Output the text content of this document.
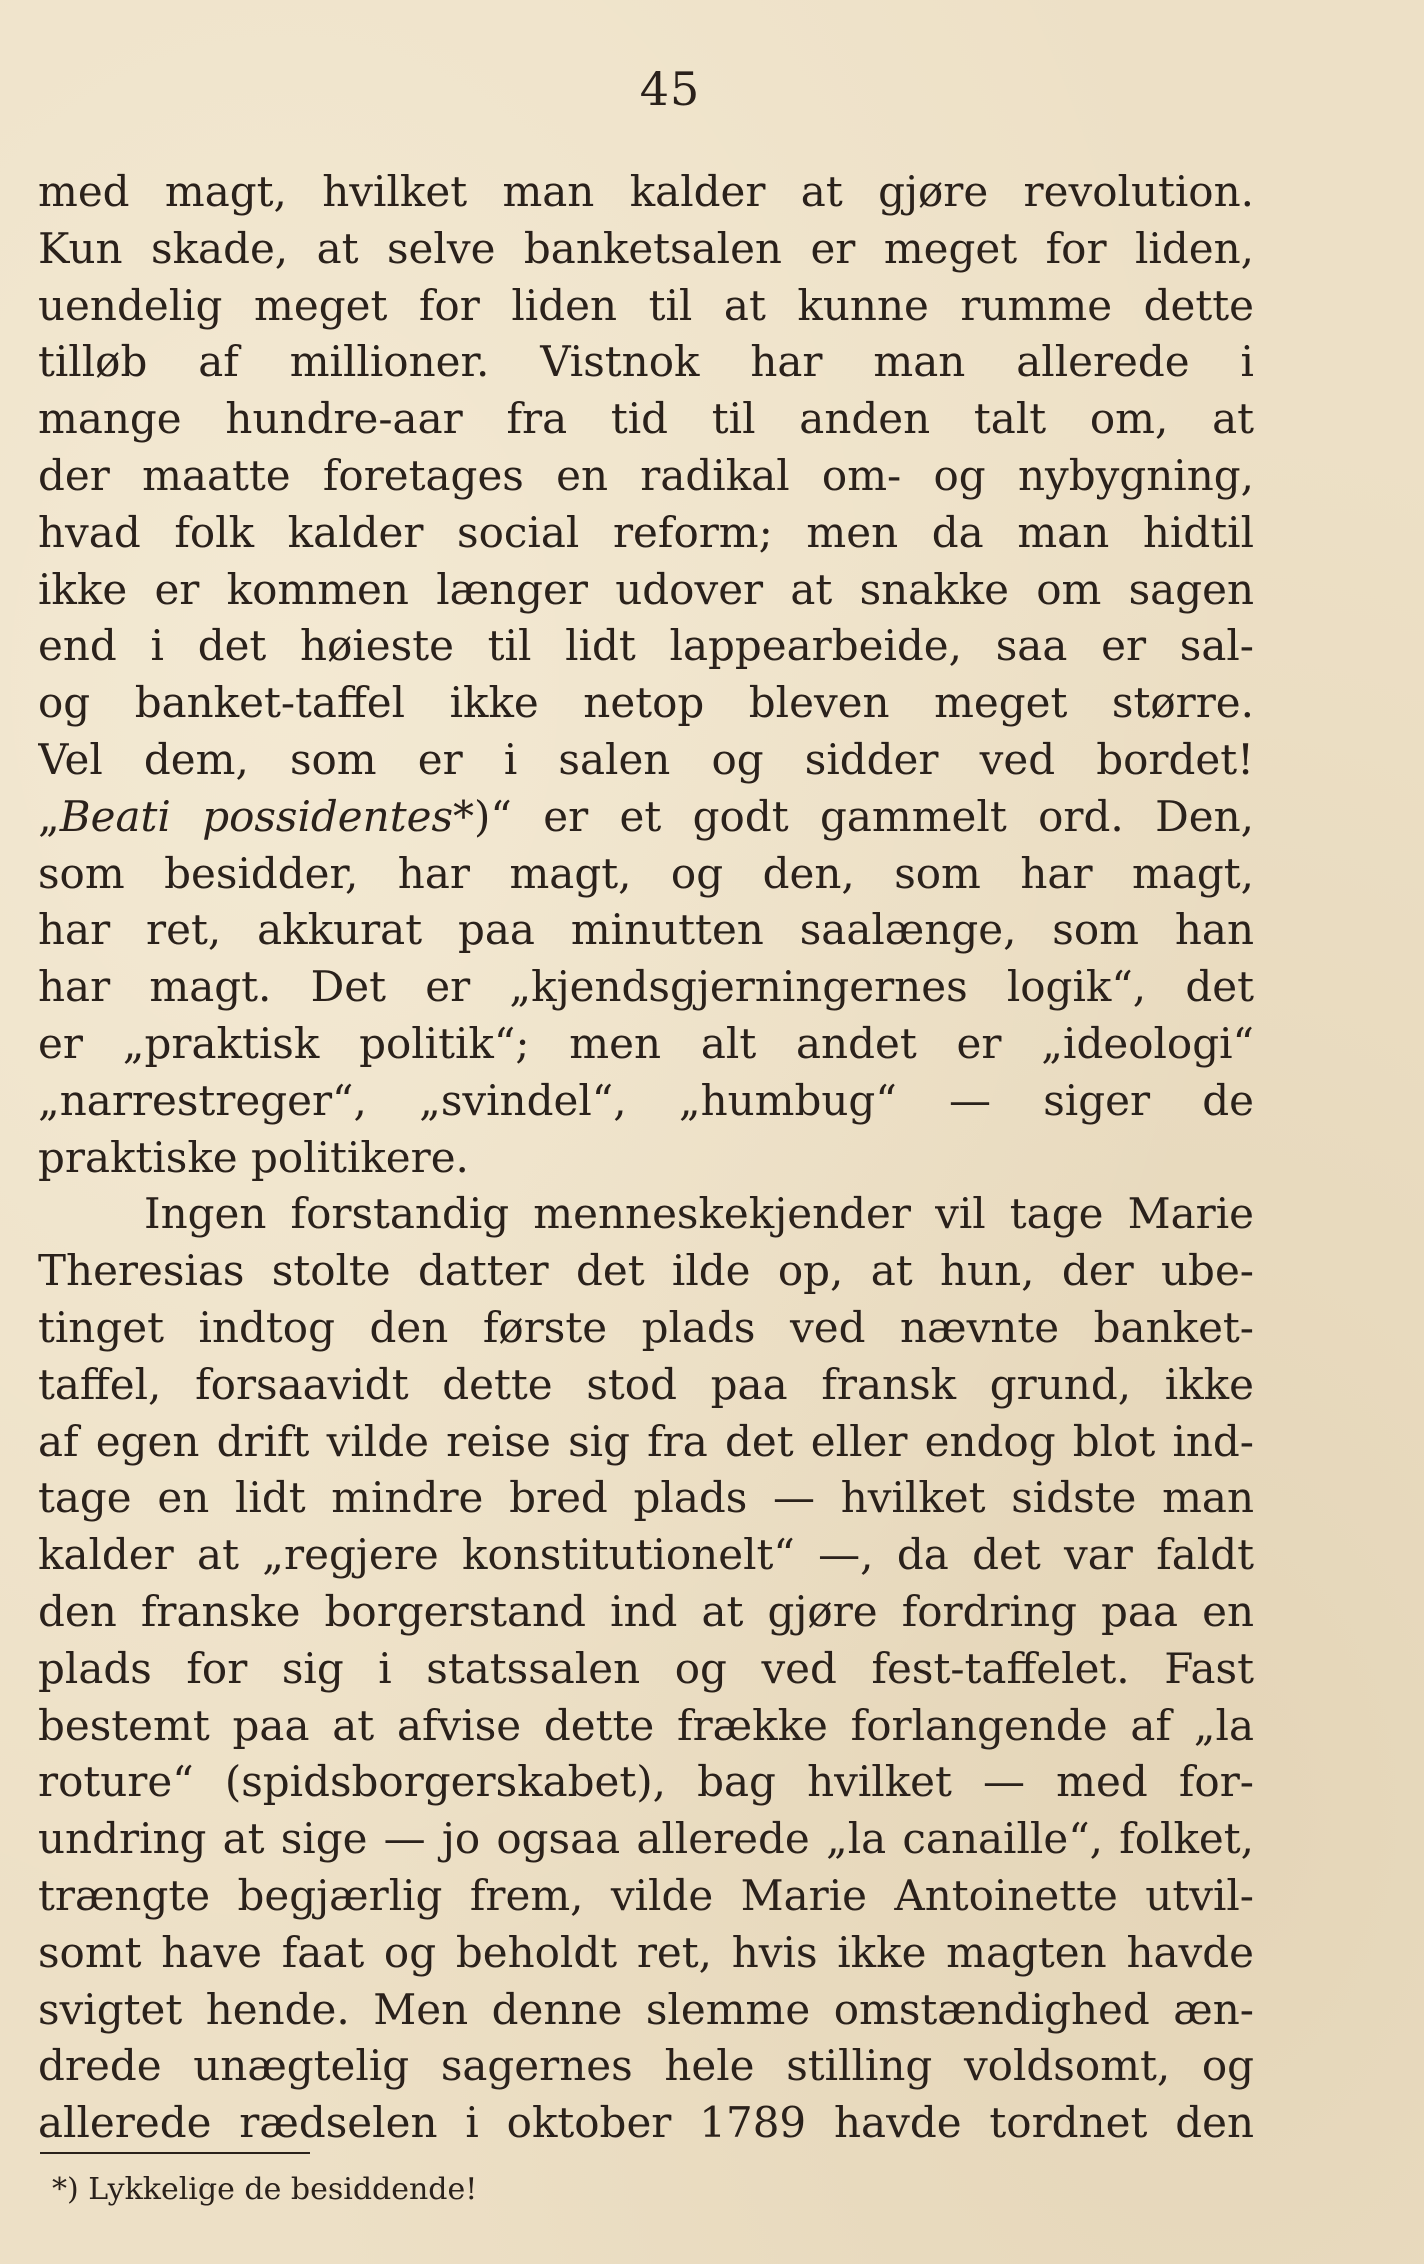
45
med magt, hvilket man kalder at gjøre revolution.
Kun skade, at selve banketsalen er meget for liden,
uendelig meget for liden til at kunne rumme dette
tilløb af millioner. Vistnok har man allerede i
mange hundre-aar fra tid til anden talt om, at
der maatte foretages en radikal om- og nybygning,
hvad folk kalder social reform; men da man hidtil
ikke er kommen længer udover at snakke om sagen
end i det høieste til lidt lappearbeide, saa er sal-
og banket-taffel ikke netop bleven meget større.
Vel dem, som er i salen og sidder ved bordet!
„Beati possidentes*)“ er et godt gammelt ord. Den,
som besidder, har magt, og den, som har magt,
har ret, akkurat paa minutten saalænge, som han
har magt. Det er „kjendsgjerningernes logik“, det
er „praktisk politik“; men alt andet er „ideologi“
„narrestreger“, „svindel“, „humbug“ — siger de
praktiske politikere.
Ingen forstandig menneskekjender vil tage Marie
Theresias stolte datter det ilde op, at hun, der ube-
tinget indtog den første plads ved nævnte banket-
taffel, forsaavidt dette stod paa fransk grund, ikke
af egen drift vilde reise sig fra det eller endog blot ind-
tage en lidt mindre bred plads — hvilket sidste man
kalder at „regjere konstitutionelt“ —, da det var faldt
den franske borgerstand ind at gjøre fordring paa en
plads for sig i statssalen og ved fest-taffelet. Fast
bestemt paa at afvise dette frække forlangende af „la
roture“ (spidsborgerskabet), bag hvilket — med for-
undring at sige — jo ogsaa allerede „la canaille“, folket,
trængte begjærlig frem, vilde Marie Antoinette utvil-
somt have faat og beholdt ret, hvis ikke magten havde
svigtet hende. Men denne slemme omstændighed æn-
drede unægtelig sagernes hele stilling voldsomt, og
allerede rædselen i oktober 1789 havde tordnet den
*) Lykkelige de besiddende!
